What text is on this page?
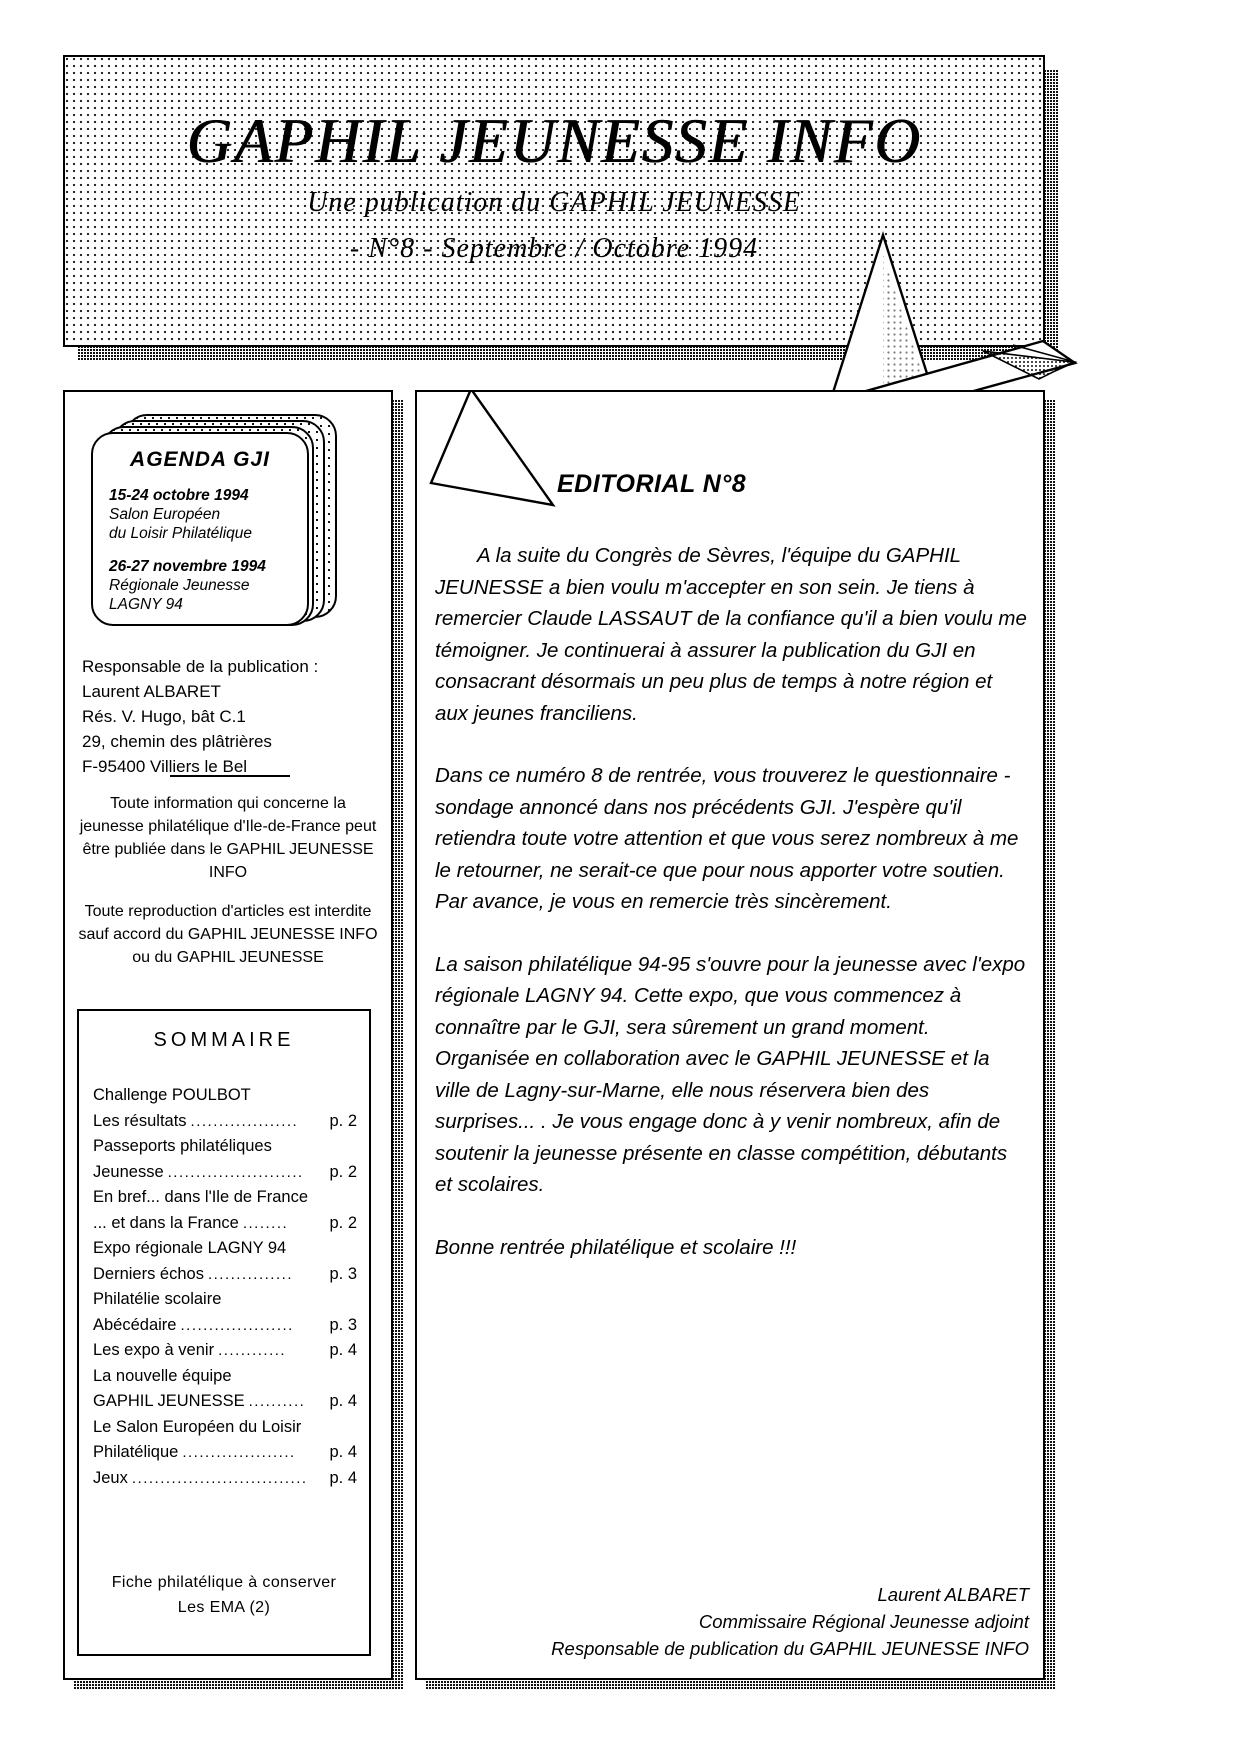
GAPHIL JEUNESSE INFO
Une publication du GAPHIL JEUNESSE
- N°8 - Septembre / Octobre 1994
AGENDA GJI
15-24 octobre 1994
Salon Européen
du Loisir Philatélique
26-27 novembre 1994
Régionale Jeunesse
LAGNY 94
Responsable de la publication :
Laurent ALBARET
Rés. V. Hugo, bât C.1
29, chemin des plâtrières
F-95400 Villiers le Bel
Toute information qui concerne la jeunesse philatélique d'Ile-de-France peut être publiée dans le GAPHIL JEUNESSE INFO
Toute reproduction d'articles est interdite sauf accord du GAPHIL JEUNESSE INFO ou du GAPHIL JEUNESSE
SOMMAIRE
Challenge POULBOT
Les résultats ...................	p. 2
Passeports philatéliques
Jeunesse ........................	p. 2
En bref... dans l'Ile de France
... et dans la France ........	p. 2
Expo régionale LAGNY 94
Derniers échos ...............	p. 3
Philatélie scolaire
Abécédaire ....................	p. 3
Les expo à venir ............	p. 4
La nouvelle équipe
GAPHIL JEUNESSE ..........	p. 4
Le Salon Européen du Loisir
Philatélique ....................	p. 4
Jeux ...............................	p. 4
Fiche philatélique à conserver
Les EMA (2)
EDITORIAL N°8

A la suite du Congrès de Sèvres, l'équipe du GAPHIL JEUNESSE a bien voulu m'accepter en son sein. Je tiens à remercier Claude LASSAUT de la confiance qu'il a bien voulu me témoigner. Je continuerai à assurer la publication du GJI en consacrant désormais un peu plus de temps à notre région et aux jeunes franciliens.

Dans ce numéro 8 de rentrée, vous trouverez le questionnaire - sondage annoncé dans nos précédents GJI. J'espère qu'il retiendra toute votre attention et que vous serez nombreux à me le retourner, ne serait-ce que pour nous apporter votre soutien. Par avance, je vous en remercie très sincèrement.

La saison philatélique 94-95 s'ouvre pour la jeunesse avec l'expo régionale LAGNY 94. Cette expo, que vous commencez à connaître par le GJI, sera sûrement un grand moment. Organisée en collaboration avec le GAPHIL JEUNESSE et la ville de Lagny-sur-Marne, elle nous réservera bien des surprises... . Je vous engage donc à y venir nombreux, afin de soutenir la jeunesse présente en classe compétition, débutants et scolaires.

Bonne rentrée philatélique et scolaire !!!

Laurent ALBARET
Commissaire Régional Jeunesse adjoint
Responsable de publication du GAPHIL JEUNESSE INFO
